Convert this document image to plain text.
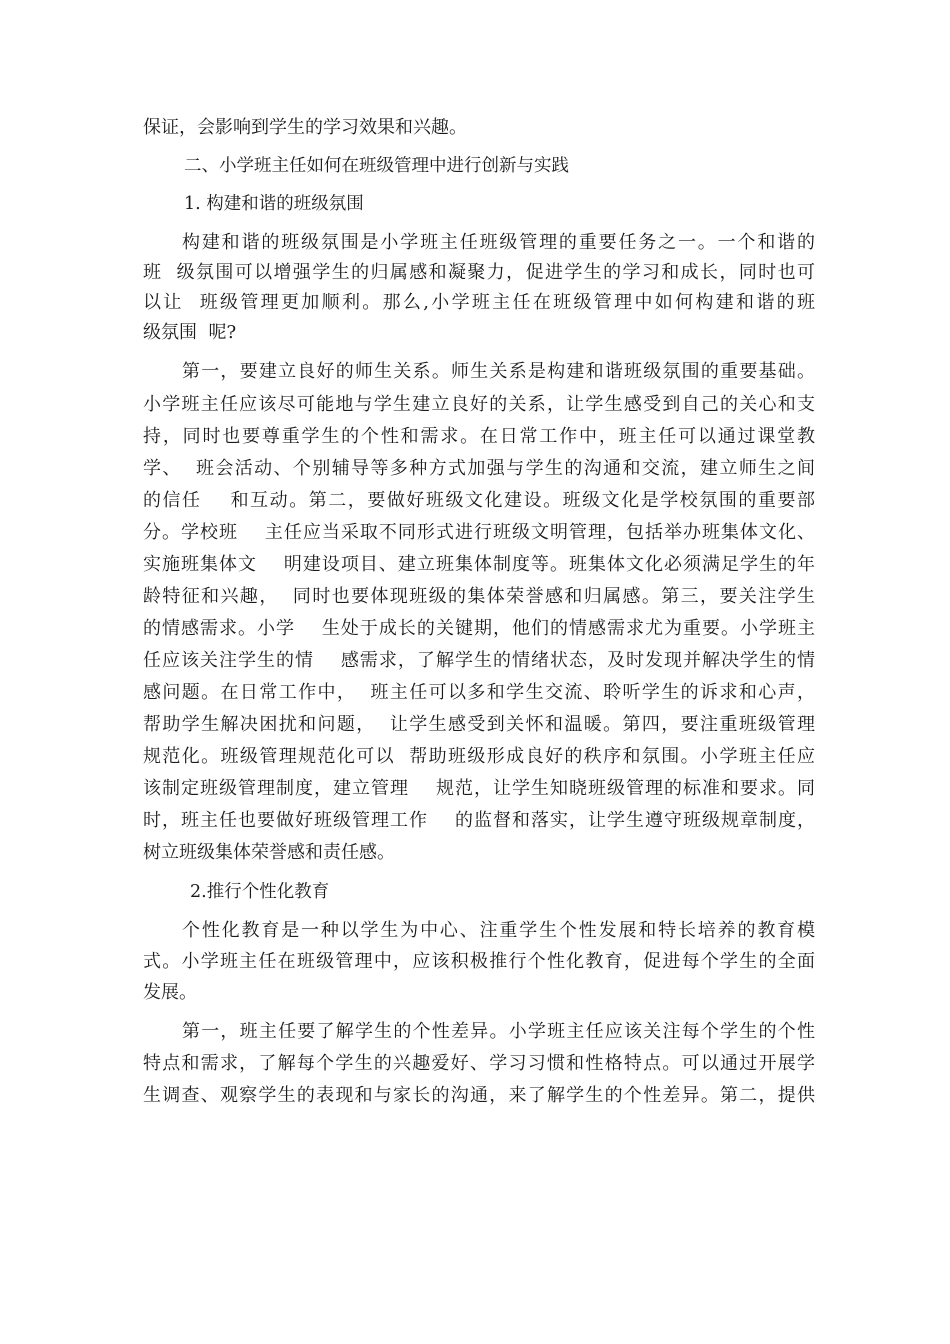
保证，会影响到学生的学习效果和兴趣。
二、小学班主任如何在班级管理中进行创新与实践
1. 构建和谐的班级氛围
构建和谐的班级氛围是小学班主任班级管理的重要任务之一。一个和谐的
班  级氛围可以增强学生的归属感和凝聚力，促进学生的学习和成长，同时也可
以让  班级管理更加顺利。那么,小学班主任在班级管理中如何构建和谐的班
级氛围  呢?
第一，要建立良好的师生关系。师生关系是构建和谐班级氛围的重要基础。
小学班主任应该尽可能地与学生建立良好的关系，让学生感受到自己的关心和支
持，同时也要尊重学生的个性和需求。在日常工作中，班主任可以通过课堂教
学、  班会活动、个别辅导等多种方式加强与学生的沟通和交流，建立师生之间
的信任    和互动。第二，要做好班级文化建设。班级文化是学校氛围的重要部
分。学校班    主任应当采取不同形式进行班级文明管理，包括举办班集体文化、
实施班集体文    明建设项目、建立班集体制度等。班集体文化必须满足学生的年
龄特征和兴趣，  同时也要体现班级的集体荣誉感和归属感。第三，要关注学生
的情感需求。小学    生处于成长的关键期，他们的情感需求尤为重要。小学班主
任应该关注学生的情    感需求，了解学生的情绪状态，及时发现并解决学生的情
感问题。在日常工作中，  班主任可以多和学生交流、聆听学生的诉求和心声，
帮助学生解决困扰和问题，  让学生感受到关怀和温暖。第四，要注重班级管理
规范化。班级管理规范化可以  帮助班级形成良好的秩序和氛围。小学班主任应
该制定班级管理制度，建立管理    规范，让学生知晓班级管理的标准和要求。同
时，班主任也要做好班级管理工作    的监督和落实，让学生遵守班级规章制度，
树立班级集体荣誉感和责任感。
2.推行个性化教育
个性化教育是一种以学生为中心、注重学生个性发展和特长培养的教育模
式。小学班主任在班级管理中，应该积极推行个性化教育，促进每个学生的全面
发展。
第一，班主任要了解学生的个性差异。小学班主任应该关注每个学生的个性
特点和需求，了解每个学生的兴趣爱好、学习习惯和性格特点。可以通过开展学
生调查、观察学生的表现和与家长的沟通，来了解学生的个性差异。第二，提供
